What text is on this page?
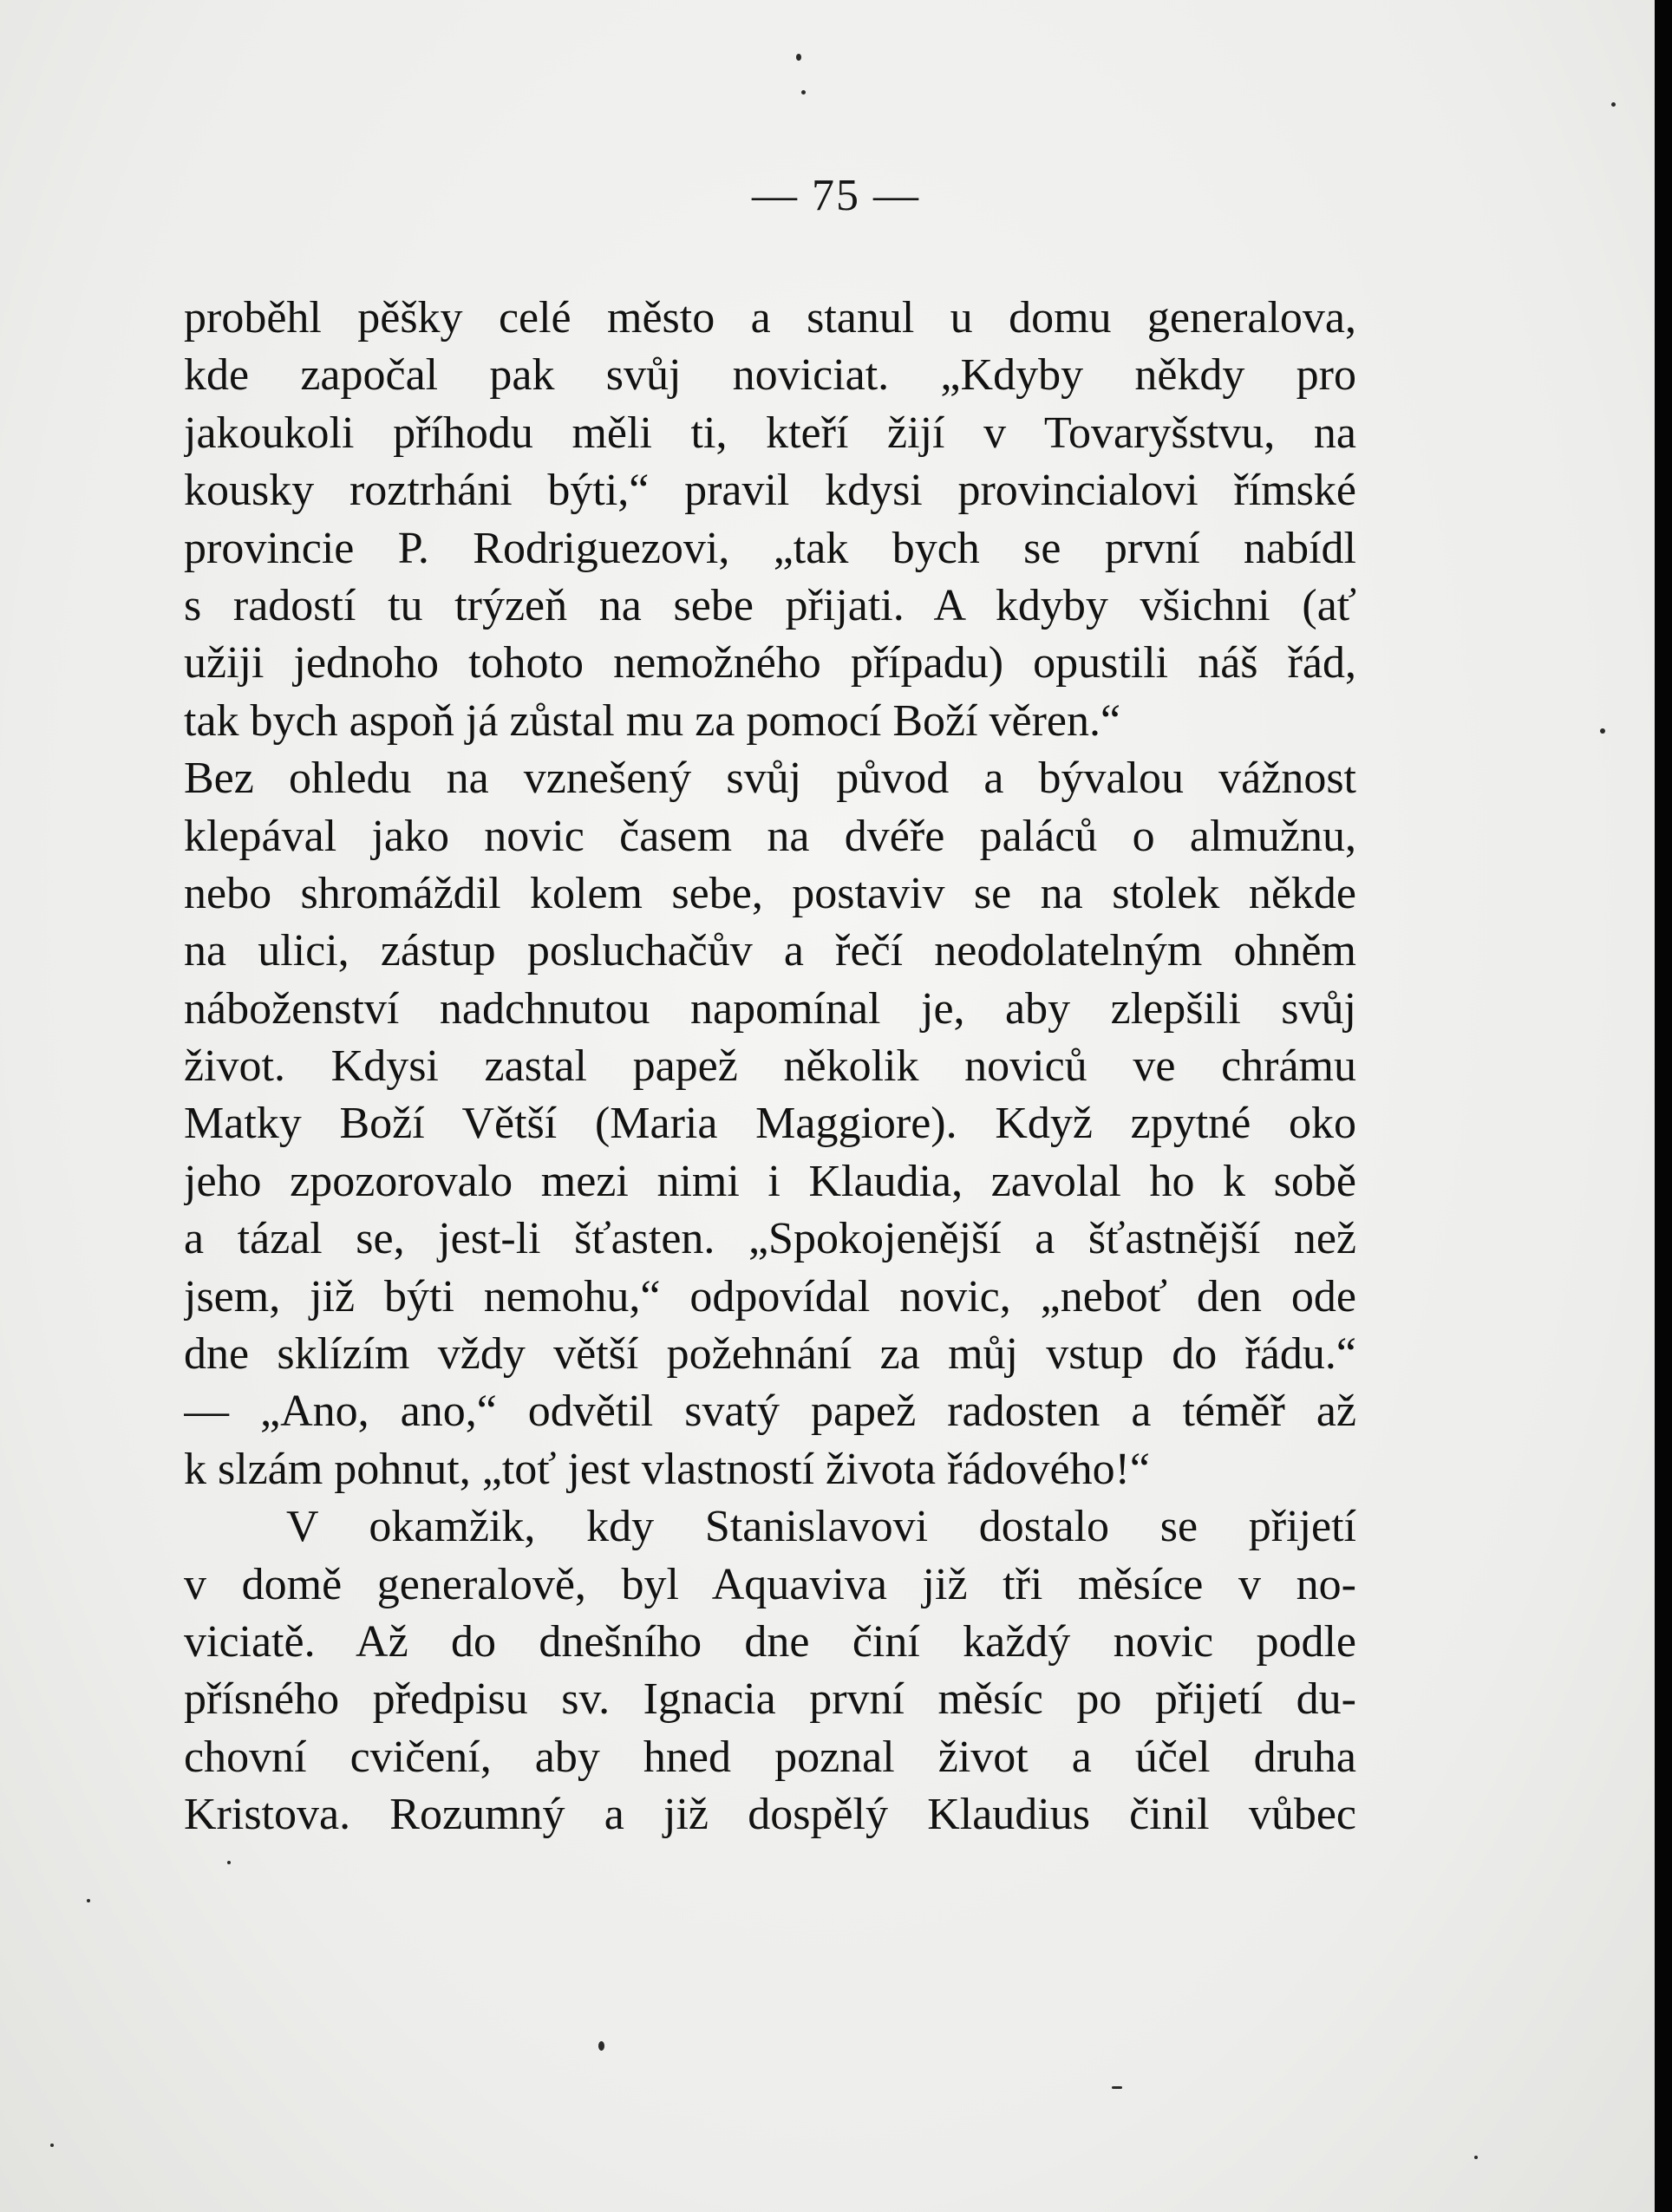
— 75 —
proběhl pěšky celé město a stanul u domu generalova,
kde započal pak svůj noviciat. „Kdyby někdy pro
jakoukoli příhodu měli ti, kteří žijí v Tovaryšstvu, na
kousky roztrháni býti,“ pravil kdysi provincialovi římské
provincie P. Rodriguezovi, „tak bych se první nabídl
s radostí tu trýzeň na sebe přijati. A kdyby všichni (ať
užiji jednoho tohoto nemožného případu) opustili náš řád,
tak bych aspoň já zůstal mu za pomocí Boží věren.“
Bez ohledu na vznešený svůj původ a bývalou vážnost
klepával jako novic časem na dvéře paláců o almužnu,
nebo shromáždil kolem sebe, postaviv se na stolek někde
na ulici, zástup posluchačův a řečí neodolatelným ohněm
náboženství nadchnutou napomínal je, aby zlepšili svůj
život. Kdysi zastal papež několik noviců ve chrámu
Matky Boží Větší (Maria Maggiore). Když zpytné oko
jeho zpozorovalo mezi nimi i Klaudia, zavolal ho k sobě
a tázal se, jest-li šťasten. „Spokojenější a šťastnější než
jsem, již býti nemohu,“ odpovídal novic, „neboť den ode
dne sklízím vždy větší požehnání za můj vstup do řádu.“
— „Ano, ano,“ odvětil svatý papež radosten a téměř až
k slzám pohnut, „toť jest vlastností života řádového!“
V okamžik, kdy Stanislavovi dostalo se přijetí
v domě generalově, byl Aquaviva již tři měsíce v no-
viciatě. Až do dnešního dne činí každý novic podle
přísného předpisu sv. Ignacia první měsíc po přijetí du-
chovní cvičení, aby hned poznal život a účel druha
Kristova. Rozumný a již dospělý Klaudius činil vůbec
